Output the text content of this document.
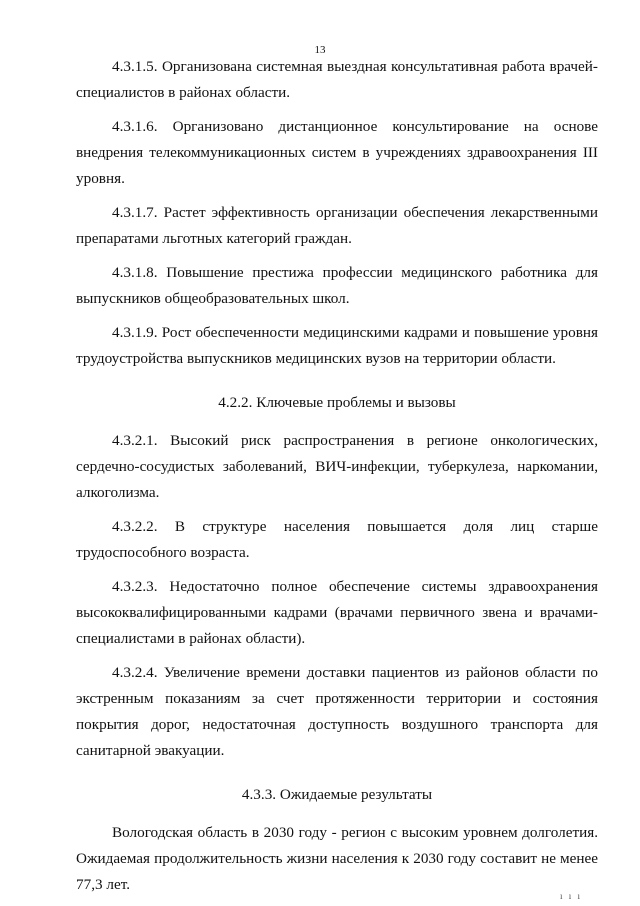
13

4.3.1.5. Организована системная выездная консультативная работа врачей-специалистов в районах области.

4.3.1.6. Организовано дистанционное консультирование на основе внедрения телекоммуникационных систем в учреждениях здравоохранения III уровня.

4.3.1.7. Растет эффективность организации обеспечения лекарственными препаратами льготных категорий граждан.

4.3.1.8. Повышение престижа профессии медицинского работника для выпускников общеобразовательных школ.

4.3.1.9. Рост обеспеченности медицинскими кадрами и повышение уровня трудоустройства выпускников медицинских вузов на территории области.

4.2.2. Ключевые проблемы и вызовы

4.3.2.1. Высокий риск распространения в регионе онкологических, сердечно-сосудистых заболеваний, ВИЧ-инфекции, туберкулеза, наркомании, алкоголизма.

4.3.2.2. В структуре населения повышается доля лиц старше трудоспособного возраста.

4.3.2.3. Недостаточно полное обеспечение системы здравоохранения высококвалифицированными кадрами (врачами первичного звена и врачами-специалистами в районах области).

4.3.2.4. Увеличение времени доставки пациентов из районов области по экстренным показаниям за счет протяженности территории и состояния покрытия дорог, недостаточная доступность воздушного транспорта для санитарной эвакуации.

4.3.3. Ожидаемые результаты

Вологодская область в 2030 году - регион с высоким уровнем долголетия. Ожидаемая продолжительность жизни населения к 2030 году составит не менее 77,3 лет.

ı ı ı
